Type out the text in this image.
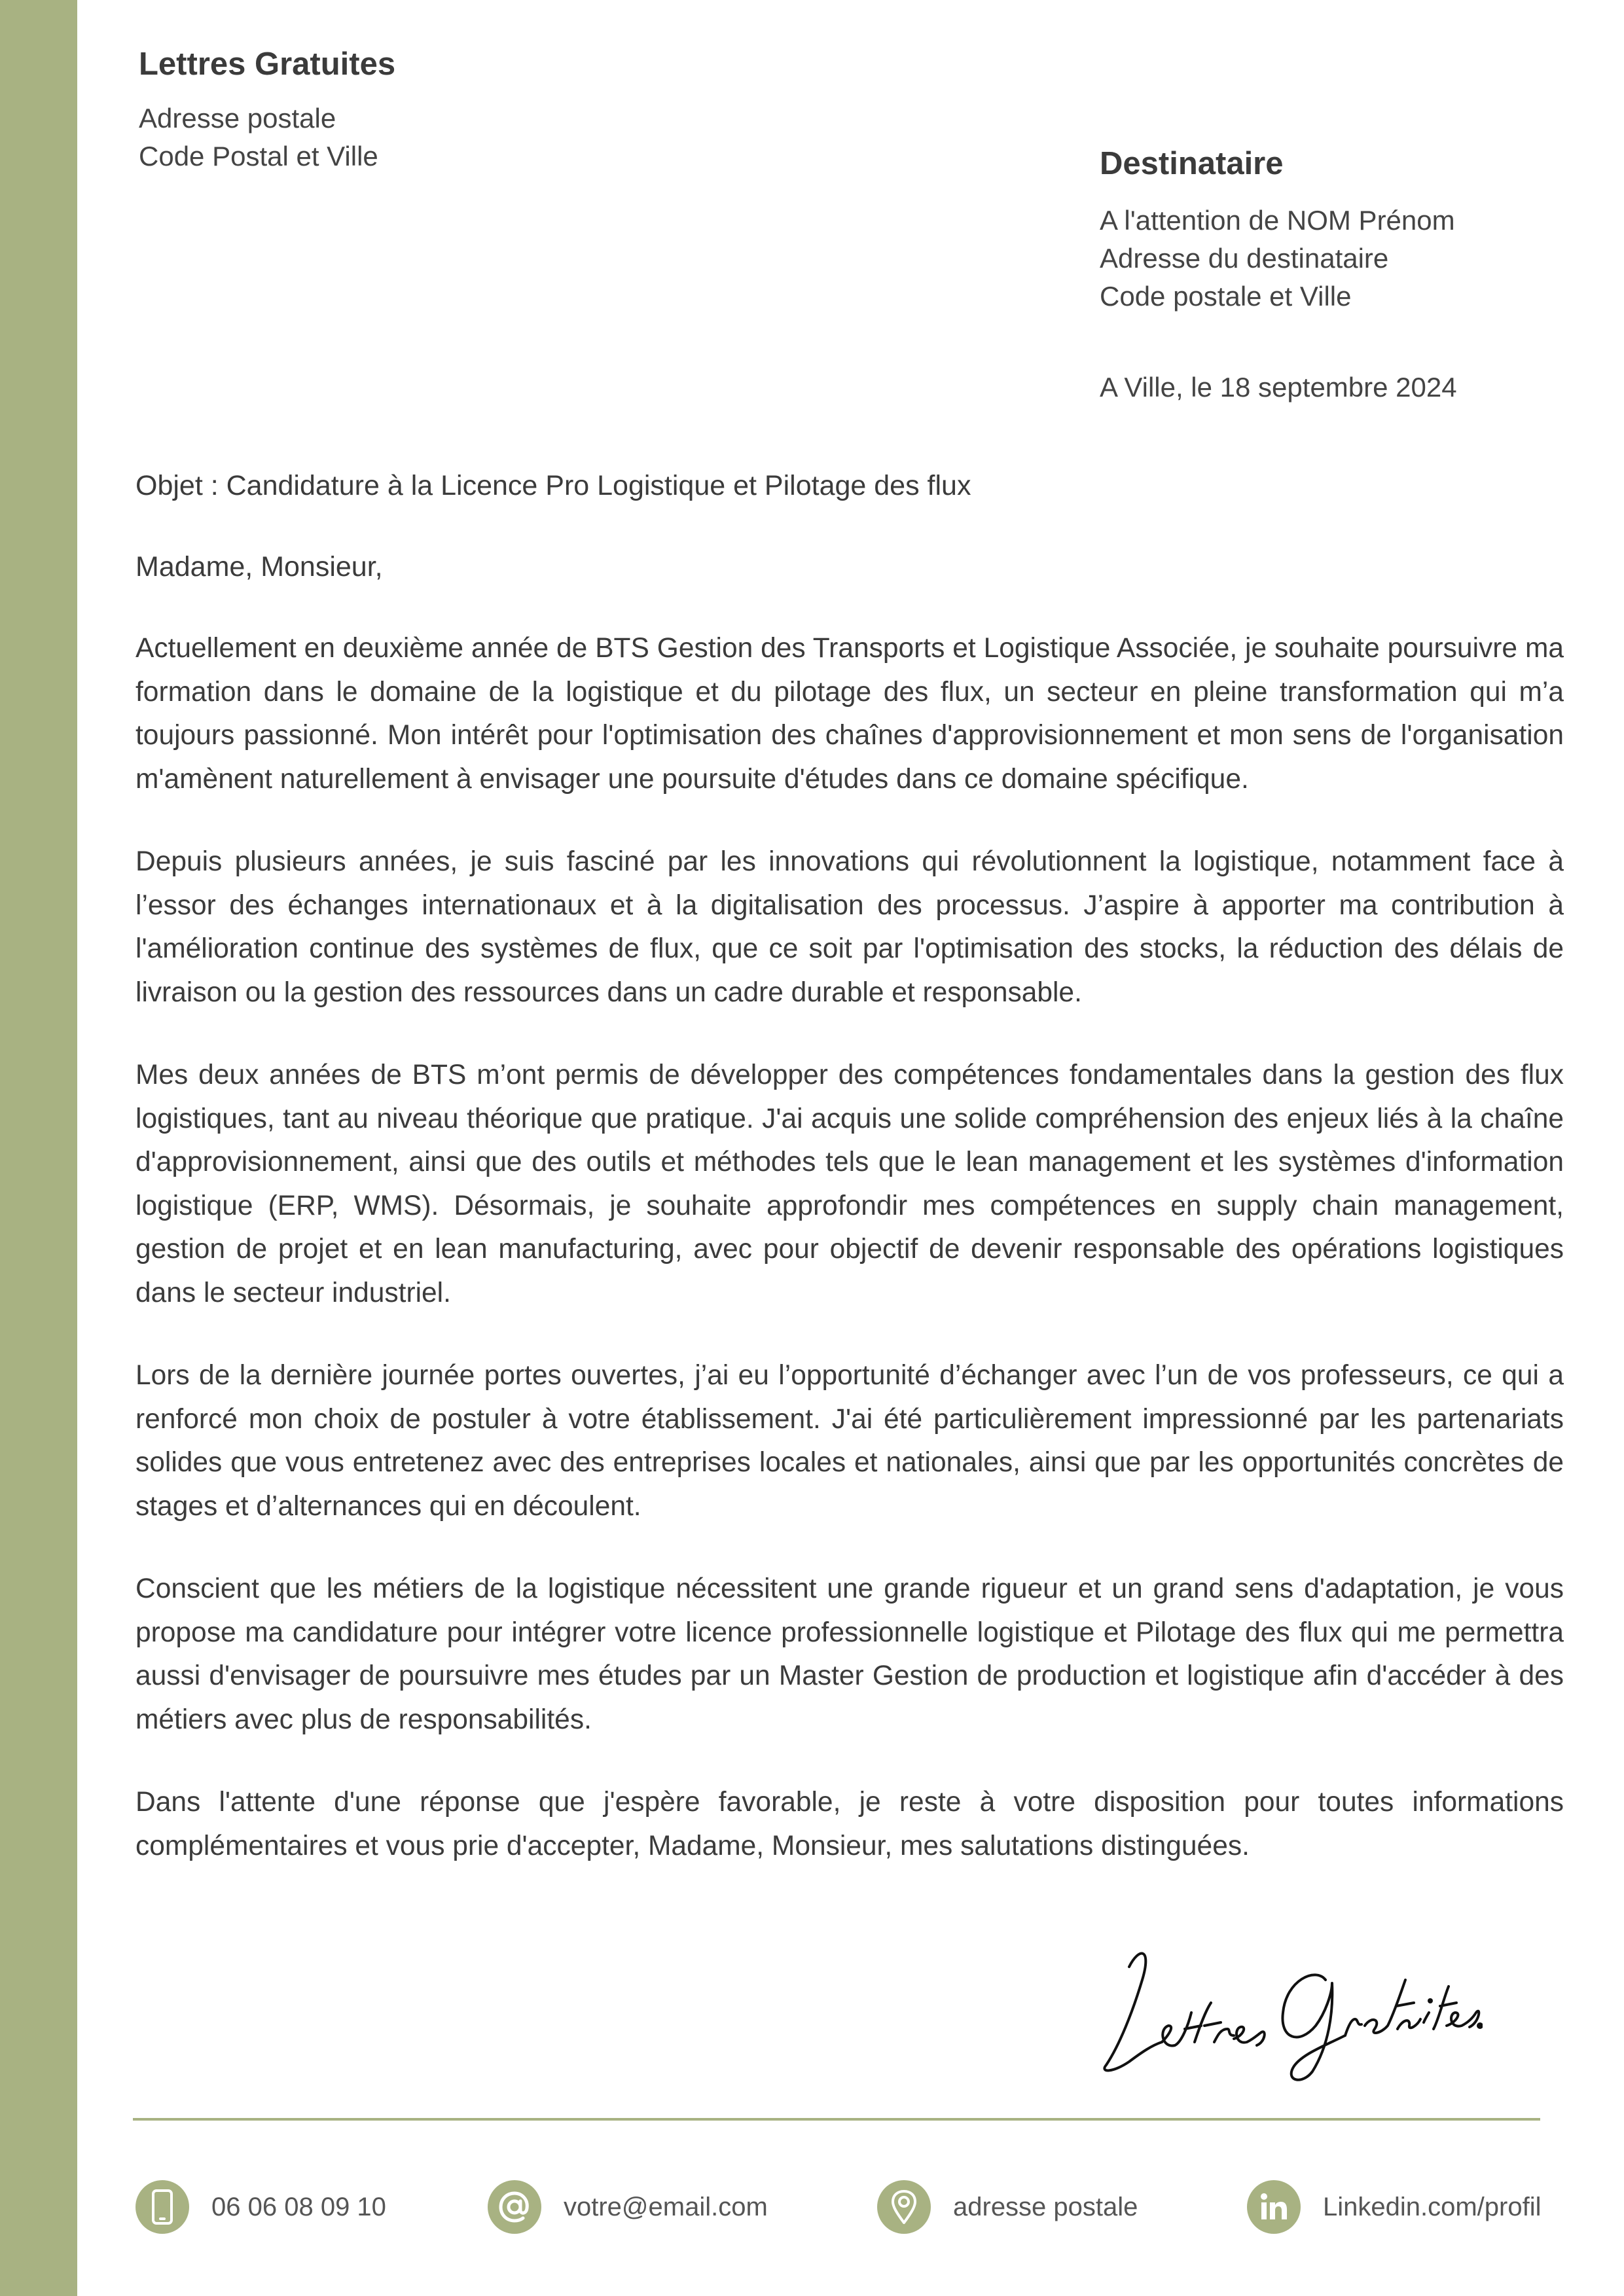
Lettres Gratuites
Adresse postale
Code Postal et Ville	Destinataire
A l'attention de NOM Prénom
Adresse du destinataire
Code postale et Ville
A Ville, le 18 septembre 2024
Objet : Candidature à la Licence Pro Logistique et Pilotage des flux
Madame, Monsieur,

Actuellement en deuxième année de BTS Gestion des Transports et Logistique Associée, je souhaite poursuivre ma formation dans le domaine de la logistique et du pilotage des flux, un secteur en pleine transformation qui m’a toujours passionné. Mon intérêt pour l'optimisation des chaînes d'approvisionnement et mon sens de l'organisation m'amènent naturellement à envisager une poursuite d'études dans ce domaine spécifique.

Depuis plusieurs années, je suis fasciné par les innovations qui révolutionnent la logistique, notamment face à l’essor des échanges internationaux et à la digitalisation des processus. J’aspire à apporter ma contribution à l'amélioration continue des systèmes de flux, que ce soit par l'optimisation des stocks, la réduction des délais de livraison ou la gestion des ressources dans un cadre durable et responsable.

Mes deux années de BTS m’ont permis de développer des compétences fondamentales dans la gestion des flux logistiques, tant au niveau théorique que pratique. J'ai acquis une solide compréhension des enjeux liés à la chaîne d'approvisionnement, ainsi que des outils et méthodes tels que le lean management et les systèmes d'information logistique (ERP, WMS). Désormais, je souhaite approfondir mes compétences en supply chain management, gestion de projet et en lean manufacturing, avec pour objectif de devenir responsable des opérations logistiques dans le secteur industriel.

Lors de la dernière journée portes ouvertes, j’ai eu l’opportunité d’échanger avec l’un de vos professeurs, ce qui a renforcé mon choix de postuler à votre établissement. J'ai été particulièrement impressionné par les partenariats solides que vous entretenez avec des entreprises locales et nationales, ainsi que par les opportunités concrètes de stages et d’alternances qui en découlent.

Conscient que les métiers de la logistique nécessitent une grande rigueur et un grand sens d'adaptation, je vous propose ma candidature pour intégrer votre licence professionnelle logistique et Pilotage des flux qui me permettra aussi d'envisager de poursuivre mes études par un Master Gestion de production et logistique afin d'accéder à des métiers avec plus de responsabilités.

Dans l'attente d'une réponse que j'espère favorable, je reste à votre disposition pour toutes informations complémentaires et vous prie d'accepter, Madame, Monsieur, mes salutations distinguées.

06 06 08 09 10	votre@email.com	adresse postale	Linkedin.com/profil
